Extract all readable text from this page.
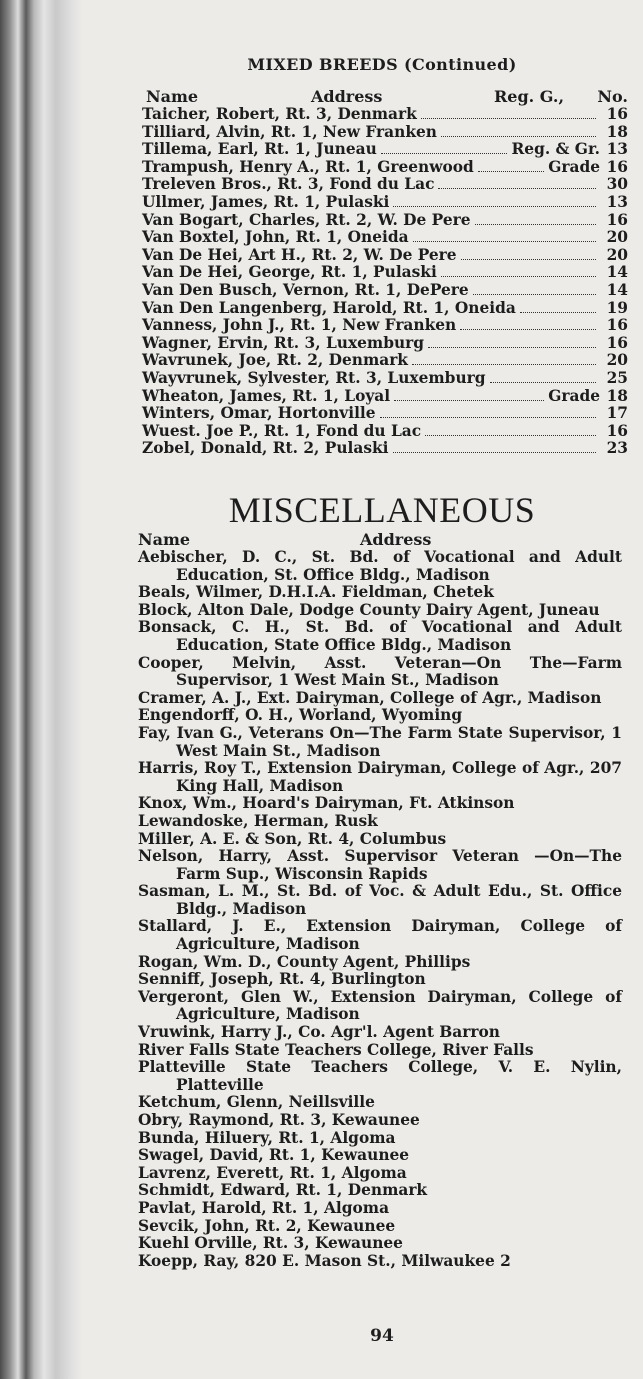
MIXED BREEDS (Continued)
Name	Address	Reg. G., No.
Taicher, Robert, Rt. 3, Denmark	16
Tilliard, Alvin, Rt. 1, New Franken	18
Tillema, Earl, Rt. 1, Juneau	Reg. & Gr. 13
Trampush, Henry A., Rt. 1, Greenwood	Grade 16
Treleven Bros., Rt. 3, Fond du Lac	30
Ullmer, James, Rt. 1, Pulaski	13
Van Bogart, Charles, Rt. 2, W. De Pere	16
Van Boxtel, John, Rt. 1, Oneida	20
Van De Hei, Art H., Rt. 2, W. De Pere	20
Van De Hei, George, Rt. 1, Pulaski	14
Van Den Busch, Vernon, Rt. 1, DePere	14
Van Den Langenberg, Harold, Rt. 1, Oneida	19
Vanness, John J., Rt. 1, New Franken	16
Wagner, Ervin, Rt. 3, Luxemburg	16
Wavrunek, Joe, Rt. 2, Denmark	20
Wayvrunek, Sylvester, Rt. 3, Luxemburg	25
Wheaton, James, Rt. 1, Loyal	Grade 18
Winters, Omar, Hortonville	17
Wuest. Joe P., Rt. 1, Fond du Lac	16
Zobel, Donald, Rt. 2, Pulaski	23
MISCELLANEOUS
Name	Address
Aebischer, D. C., St. Bd. of Vocational and Adult Education, St. Office Bldg., Madison
Beals, Wilmer, D.H.I.A. Fieldman, Chetek
Block, Alton Dale, Dodge County Dairy Agent, Juneau
Bonsack, C. H., St. Bd. of Vocational and Adult Education, State Office Bldg., Madison
Cooper, Melvin, Asst. Veteran—On The—Farm Supervisor, 1 West Main St., Madison
Cramer, A. J., Ext. Dairyman, College of Agr., Madison
Engendorff, O. H., Worland, Wyoming
Fay, Ivan G., Veterans On—The Farm State Supervisor, 1 West Main St., Madison
Harris, Roy T., Extension Dairyman, College of Agr., 207 King Hall, Madison
Knox, Wm., Hoard's Dairyman, Ft. Atkinson
Lewandoske, Herman, Rusk
Miller, A. E. & Son, Rt. 4, Columbus
Nelson, Harry, Asst. Supervisor Veteran —On—The Farm Sup., Wisconsin Rapids
Sasman, L. M., St. Bd. of Voc. & Adult Edu., St. Office Bldg., Madison
Stallard, J. E., Extension Dairyman, College of Agriculture, Madison
Rogan, Wm. D., County Agent, Phillips
Senniff, Joseph, Rt. 4, Burlington
Vergeront, Glen W., Extension Dairyman, College of Agriculture, Madison
Vruwink, Harry J., Co. Agr'l. Agent Barron
River Falls State Teachers College, River Falls
Platteville State Teachers College, V. E. Nylin, Platteville
Ketchum, Glenn, Neillsville
Obry, Raymond, Rt. 3, Kewaunee
Bunda, Hiluery, Rt. 1, Algoma
Swagel, David, Rt. 1, Kewaunee
Lavrenz, Everett, Rt. 1, Algoma
Schmidt, Edward, Rt. 1, Denmark
Pavlat, Harold, Rt. 1, Algoma
Sevcik, John, Rt. 2, Kewaunee
Kuehl Orville, Rt. 3, Kewaunee
Koepp, Ray, 820 E. Mason St., Milwaukee 2
94
